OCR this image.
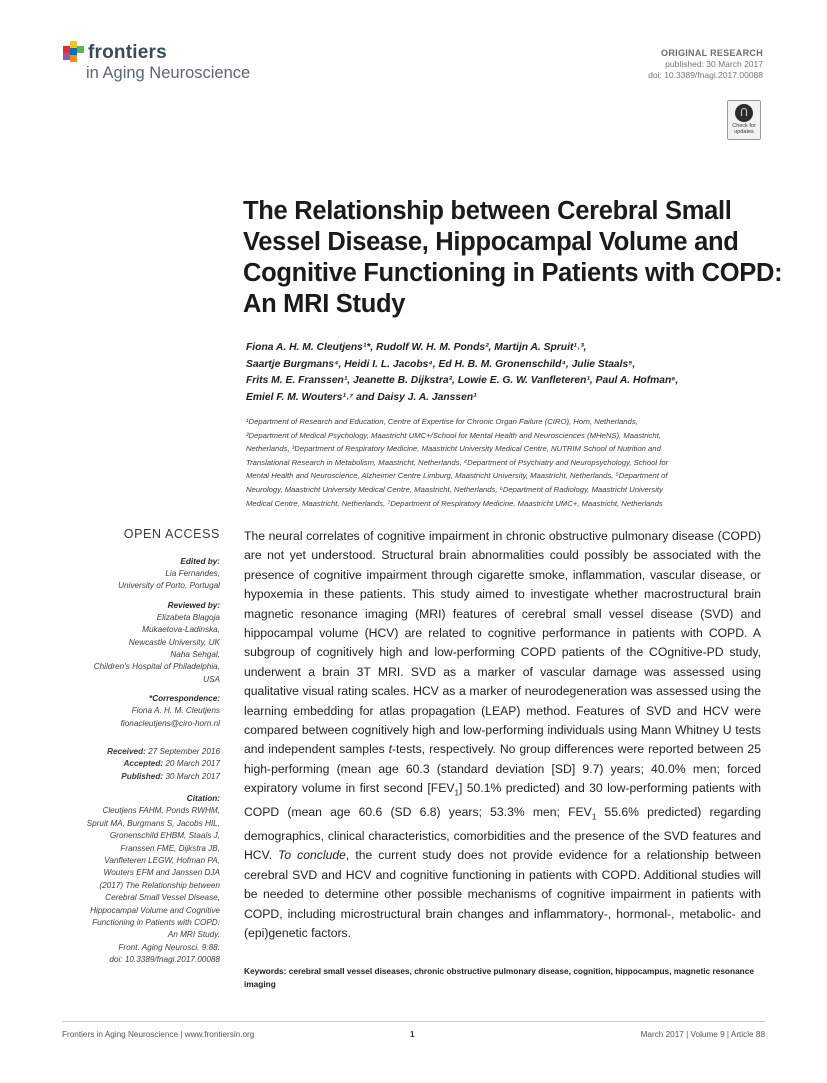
frontiers
in Aging Neuroscience
ORIGINAL RESEARCH
published: 30 March 2017
doi: 10.3389/fnagi.2017.00088
Check for
updates
The Relationship between Cerebral Small Vessel Disease, Hippocampal Volume and Cognitive Functioning in Patients with COPD: An MRI Study
Fiona A. H. M. Cleutjens¹*, Rudolf W. H. M. Ponds², Martijn A. Spruit¹˒³,
Saartje Burgmans⁴, Heidi I. L. Jacobs⁴, Ed H. B. M. Gronenschild⁴, Julie Staals⁵,
Frits M. E. Franssen¹, Jeanette B. Dijkstra², Lowie E. G. W. Vanfleteren¹, Paul A. Hofman⁶,
Emiel F. M. Wouters¹˒⁷ and Daisy J. A. Janssen¹
¹Department of Research and Education, Centre of Expertise for Chronic Organ Failure (CIRO), Horn, Netherlands,
²Department of Medical Psychology, Maastricht UMC+/School for Mental Health and Neurosciences (MHeNS), Maastricht,
Netherlands, ³Department of Respiratory Medicine, Maastricht University Medical Centre, NUTRIM School of Nutrition and
Translational Research in Metabolism, Maastricht, Netherlands, ⁴Department of Psychiatry and Neuropsychology, School for
Mental Health and Neuroscience, Alzheimer Centre Limburg, Maastricht University, Maastricht, Netherlands, ⁵Department of
Neurology, Maastricht University Medical Centre, Maastricht, Netherlands, ⁶Department of Radiology, Maastricht University
Medical Centre, Maastricht, Netherlands, ⁷Department of Respiratory Medicine, Maastricht UMC+, Maastricht, Netherlands
OPEN ACCESS
Edited by:
Lia Fernandes,
University of Porto, Portugal
Reviewed by:
Elizabeta Blagoja
Mukaetova-Ladinska,
Newcastle University, UK
Naha Sehgal,
Children's Hospital of Philadelphia,
USA
*Correspondence:
Fiona A. H. M. Cleutjens
fionacleutjens@ciro-horn.nl
Received: 27 September 2016
Accepted: 20 March 2017
Published: 30 March 2017
Citation:
Cleutjens FAHM, Ponds RWHM,
Spruit MA, Burgmans S, Jacobs HIL,
Gronenschild EHBM, Staals J,
Franssen FME, Dijkstra JB,
Vanfleteren LEGW, Hofman PA,
Wouters EFM and Janssen DJA
(2017) The Relationship between
Cerebral Small Vessel Disease,
Hippocampal Volume and Cognitive
Functioning in Patients with COPD:
An MRI Study.
Front. Aging Neurosci. 9:88.
doi: 10.3389/fnagi.2017.00088
The neural correlates of cognitive impairment in chronic obstructive pulmonary disease (COPD) are not yet understood. Structural brain abnormalities could possibly be associated with the presence of cognitive impairment through cigarette smoke, inflammation, vascular disease, or hypoxemia in these patients. This study aimed to investigate whether macrostructural brain magnetic resonance imaging (MRI) features of cerebral small vessel disease (SVD) and hippocampal volume (HCV) are related to cognitive performance in patients with COPD. A subgroup of cognitively high and low-performing COPD patients of the COgnitive-PD study, underwent a brain 3T MRI. SVD as a marker of vascular damage was assessed using qualitative visual rating scales. HCV as a marker of neurodegeneration was assessed using the learning embedding for atlas propagation (LEAP) method. Features of SVD and HCV were compared between cognitively high and low-performing individuals using Mann Whitney U tests and independent samples t-tests, respectively. No group differences were reported between 25 high-performing (mean age 60.3 (standard deviation [SD] 9.7) years; 40.0% men; forced expiratory volume in first second $[FEV_1]$ 50.1% predicted) and 30 low-performing patients with COPD (mean age 60.6 (SD 6.8) years; 53.3% men; $FEV_1$ 55.6% predicted) regarding demographics, clinical characteristics, comorbidities and the presence of the SVD features and HCV. To conclude, the current study does not provide evidence for a relationship between cerebral SVD and HCV and cognitive functioning in patients with COPD. Additional studies will be needed to determine other possible mechanisms of cognitive impairment in patients with COPD, including microstructural brain changes and inflammatory-, hormonal-, metabolic- and (epi)genetic factors.
Keywords: cerebral small vessel diseases, chronic obstructive pulmonary disease, cognition, hippocampus, magnetic resonance imaging
Frontiers in Aging Neuroscience | www.frontiersin.org	1	March 2017 | Volume 9 | Article 88
